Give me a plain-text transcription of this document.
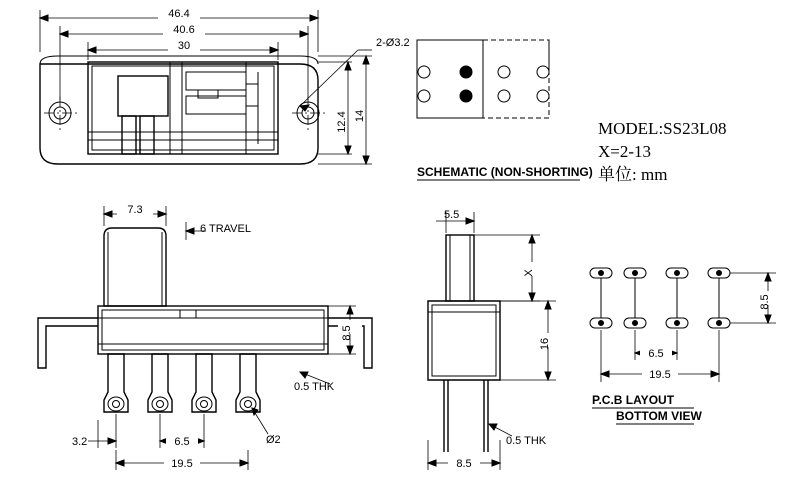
46.4
40.6
30	2-Ø3.2
12.4 14
SCHEMATIC (NON-SHORTING)
MODEL:SS23L08
X=2-13
单位: mm
7.3
6 TRAVEL
8.5
0.5 THK
3.2	6.5	Ø2
19.5
5.5
X
16
0.5 THK
8.5
8.5
6.5
19.5
P.C.B LAYOUT
BOTTOM VIEW
